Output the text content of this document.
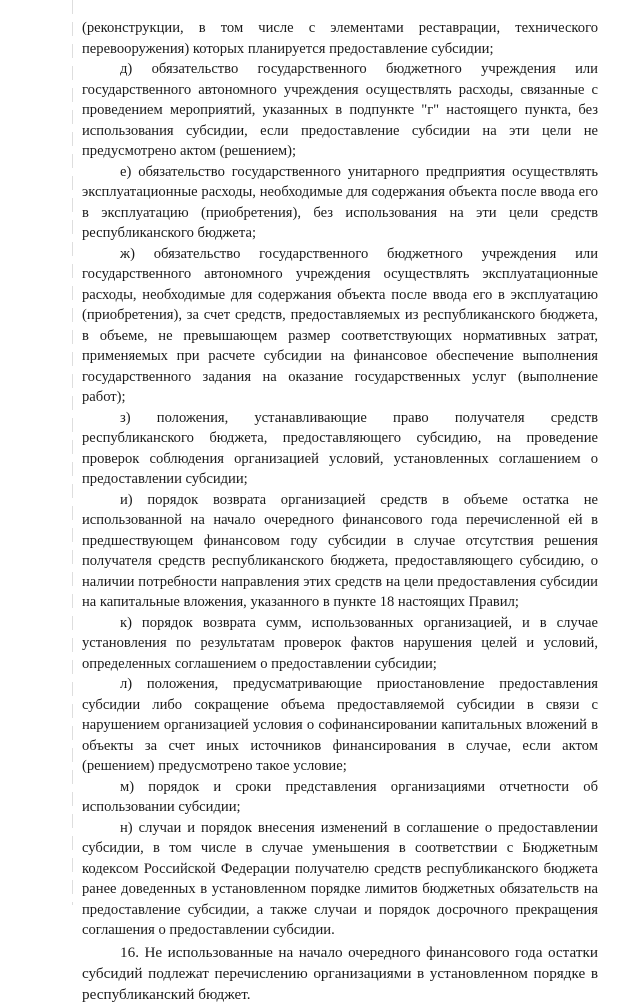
(реконструкции, в том числе с элементами реставрации, технического перевооружения) которых планируется предоставление субсидии;

д) обязательство государственного бюджетного учреждения или государственного автономного учреждения осуществлять расходы, связанные с проведением мероприятий, указанных в подпункте "г" настоящего пункта, без использования субсидии, если предоставление субсидии на эти цели не предусмотрено актом (решением);

е) обязательство государственного унитарного предприятия осуществлять эксплуатационные расходы, необходимые для содержания объекта после ввода его в эксплуатацию (приобретения), без использования на эти цели средств республиканского бюджета;

ж) обязательство государственного бюджетного учреждения или государственного автономного учреждения осуществлять эксплуатационные расходы, необходимые для содержания объекта после ввода его в эксплуатацию (приобретения), за счет средств, предоставляемых из республиканского бюджета, в объеме, не превышающем размер соответствующих нормативных затрат, применяемых при расчете субсидии на финансовое обеспечение выполнения государственного задания на оказание государственных услуг (выполнение работ);

з) положения, устанавливающие право получателя средств республиканского бюджета, предоставляющего субсидию, на проведение проверок соблюдения организацией условий, установленных соглашением о предоставлении субсидии;

и) порядок возврата организацией средств в объеме остатка не использованной на начало очередного финансового года перечисленной ей в предшествующем финансовом году субсидии в случае отсутствия решения получателя средств республиканского бюджета, предоставляющего субсидию, о наличии потребности направления этих средств на цели предоставления субсидии на капитальные вложения, указанного в пункте 18 настоящих Правил;

к) порядок возврата сумм, использованных организацией, и в случае установления по результатам проверок фактов нарушения целей и условий, определенных соглашением о предоставлении субсидии;

л) положения, предусматривающие приостановление предоставления субсидии либо сокращение объема предоставляемой субсидии в связи с нарушением организацией условия о софинансировании капитальных вложений в объекты за счет иных источников финансирования в случае, если актом (решением) предусмотрено такое условие;

м) порядок и сроки представления организациями отчетности об использовании субсидии;

н) случаи и порядок внесения изменений в соглашение о предоставлении субсидии, в том числе в случае уменьшения в соответствии с Бюджетным кодексом Российской Федерации получателю средств республиканского бюджета ранее доведенных в установленном порядке лимитов бюджетных обязательств на предоставление субсидии, а также случаи и порядок досрочного прекращения соглашения о предоставлении субсидии.

16. Не использованные на начало очередного финансового года остатки субсидий подлежат перечислению организациями в установленном порядке в республиканский бюджет.
